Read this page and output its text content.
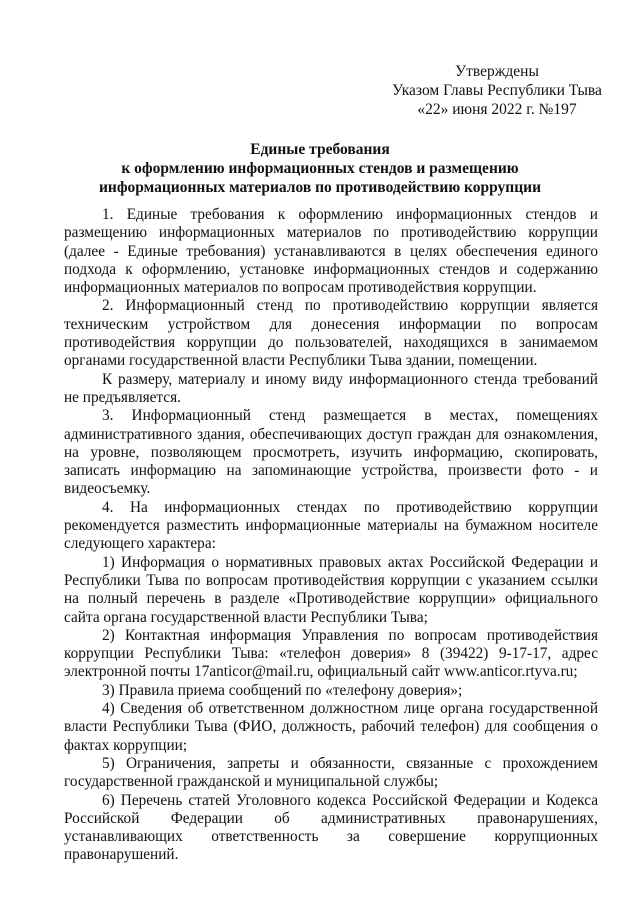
Утверждены
Указом Главы Республики Тыва
«22» июня 2022 г. №197
Единые требования
к оформлению информационных стендов и размещению
информационных материалов по противодействию коррупции

1. Единые требования к оформлению информационных стендов и размещению информационных материалов по противодействию коррупции (далее - Единые требования) устанавливаются в целях обеспечения единого подхода к оформлению, установке информационных стендов и содержанию информационных материалов по вопросам противодействия коррупции.

2. Информационный стенд по противодействию коррупции является техническим устройством для донесения информации по вопросам противодействия коррупции до пользователей, находящихся в занимаемом органами государственной власти Республики Тыва здании, помещении.

К размеру, материалу и иному виду информационного стенда требований не предъявляется.

3. Информационный стенд размещается в местах, помещениях административного здания, обеспечивающих доступ граждан для ознакомления, на уровне, позволяющем просмотреть, изучить информацию, скопировать, записать информацию на запоминающие устройства, произвести фото - и видеосъемку.

4. На информационных стендах по противодействию коррупции рекомендуется разместить информационные материалы на бумажном носителе следующего характера:

1) Информация о нормативных правовых актах Российской Федерации и Республики Тыва по вопросам противодействия коррупции с указанием ссылки на полный перечень в разделе «Противодействие коррупции» официального сайта органа государственной власти Республики Тыва;

2) Контактная информация Управления по вопросам противодействия коррупции Республики Тыва: «телефон доверия» 8 (39422) 9-17-17, адрес электронной почты 17anticor@mail.ru, официальный сайт www.anticor.rtyva.ru;

3) Правила приема сообщений по «телефону доверия»;

4) Сведения об ответственном должностном лице органа государственной власти Республики Тыва (ФИО, должность, рабочий телефон) для сообщения о фактах коррупции;

5) Ограничения, запреты и обязанности, связанные с прохождением государственной гражданской и муниципальной службы;

6) Перечень статей Уголовного кодекса Российской Федерации и Кодекса Российской Федерации об административных правонарушениях, устанавливающих ответственность за совершение коррупционных правонарушений.
